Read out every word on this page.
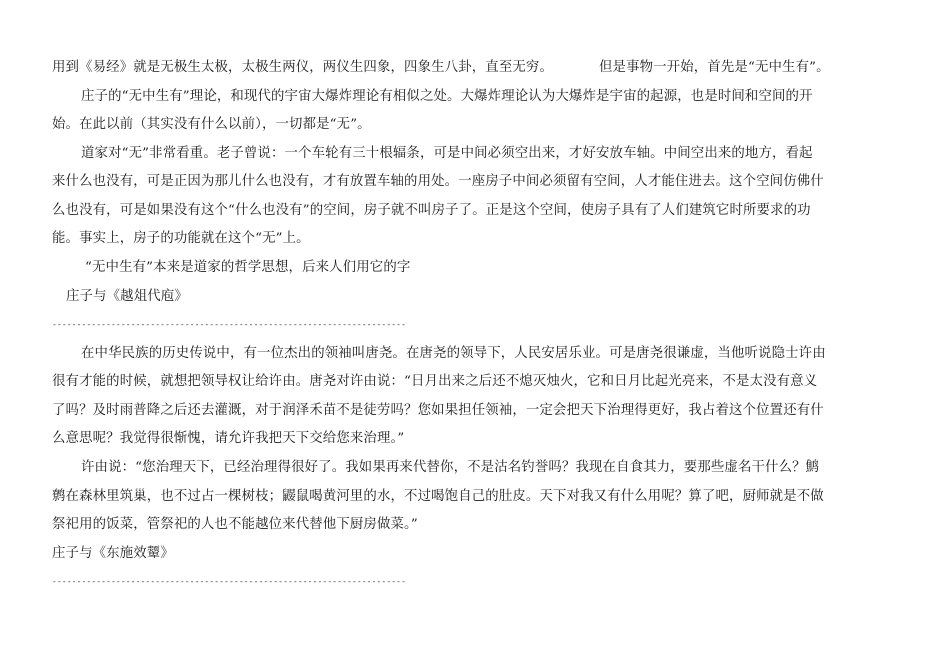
用到《易经》就是无极生太极，太极生两仪，两仪生四象，四象生八卦，直至无穷。	但是事物一开始，首先是“无中生有”。
庄子的“无中生有”理论，和现代的宇宙大爆炸理论有相似之处。大爆炸理论认为大爆炸是宇宙的起源，也是时间和空间的开
始。在此以前（其实没有什么以前），一切都是“无”。
道家对“无”非常看重。老子曾说：一个车轮有三十根辐条，可是中间必须空出来，才好安放车轴。中间空出来的地方，看起
来什么也没有，可是正因为那儿什么也没有，才有放置车轴的用处。一座房子中间必须留有空间，人才能住进去。这个空间仿佛什
么也没有，可是如果没有这个“什么也没有”的空间，房子就不叫房子了。正是这个空间，使房子具有了人们建筑它时所要求的功
能。事实上，房子的功能就在这个“无”上。
“无中生有”本来是道家的哲学思想，后来人们用它的字
庄子与《越俎代庖》
------------------------------------------------------------------------
在中华民族的历史传说中，有一位杰出的领袖叫唐尧。在唐尧的领导下，人民安居乐业。可是唐尧很谦虚，当他听说隐士许由
很有才能的时候，就想把领导权让给许由。唐尧对许由说：“日月出来之后还不熄灭烛火，它和日月比起光亮来，不是太没有意义
了吗？及时雨普降之后还去灌溉，对于润泽禾苗不是徒劳吗？您如果担任领袖，一定会把天下治理得更好，我占着这个位置还有什
么意思呢？我觉得很惭愧，请允许我把天下交给您来治理。”
许由说：“您治理天下，已经治理得很好了。我如果再来代替你，不是沽名钓誉吗？我现在自食其力，要那些虚名干什么？鹪
鹩在森林里筑巢，也不过占一棵树枝；鼹鼠喝黄河里的水，不过喝饱自己的肚皮。天下对我又有什么用呢？算了吧，厨师就是不做
祭祀用的饭菜，管祭祀的人也不能越位来代替他下厨房做菜。”
庄子与《东施效颦》
------------------------------------------------------------------------
